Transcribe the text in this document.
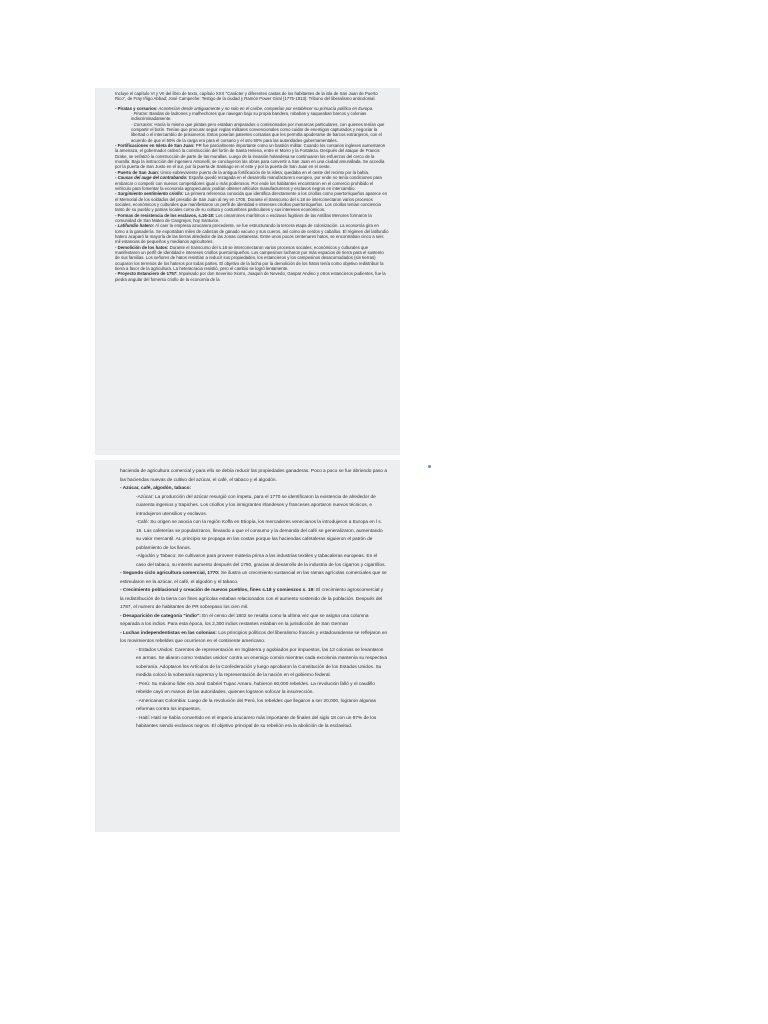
Incluye el capítulo VI y VII del libro de texto, capítulo XXX "Carácter y diferentes castas de los habitantes de la isla de San Juan de Puerto Rico", de Fray Iñigo Abbad; José Campeche: Testigo de la ciudad y Ramón Power Giral (1775-1813): Tribuno del liberalismo anticolonial.

- Piratas y corsarios: Acontecían desde antiguamente y no solo en el caribe, competían por establecer su primacía política en Europa.

- Piratas: Bandas de ladrones y malhechores que navegan bajo su propia bandera, robaban y saqueaban barcos y colonias indiscriminadamente.

- Corsarios: Hacía lo mismo que piratas pero estaban amparados o comisionados por monarcas particulares, con quienes tenían que compartir el botín. Tenían que procurar seguir reglas militares convencionales como cuidar de enemigos capturados y negociar la libertad o el intercambio de prisioneros. Estos poseían patentes corsarias que les permitía apoderarse de barcos extranjeros, con el acuerdo de que el 50% de la carga era para el corsario y el otro 50% para las autoridades gubernamentales.

- Fortificaciones en Isleta de San Juan: PR fue parcialmente importante como un bastión militar. Cuando los corsarios ingleses aumentaron la amenaza, el gobernador ordenó la construcción del fortín de Santa Helena, entre el Morro y la Fortaleza. Después del ataque de Francis Drake, se enfatizó la construcción de parte de las murallas. Luego de la invasión holandesa se continuaron los esfuerzos del cerco de la muralla. Bajo la instrucción del ingeniero Antonelli, se concluyeron las obras para convertir a San Juan en una ciudad amurallada. Se accedía por la puerta de San Justo en el sur, por la puerta de Santiago en el este y por la puerta de San Juan en el oeste.

- Puerto de San Juan: Único sobreviviente puerto de la antigua fortificación de la isleta; quedaba en el oeste del recinto por la bahía.

- Causas del auge del contrabando: España quedó rezagada en el desarrollo manufacturero europeo, por ende no tenía condiciones para embarcar o competir con nuevos competidores igual o más poderosos. Por ende los habitantes encontraron en el comercio prohibido el vehículo para fomentar la economía agropecuaria; podían obtener artículos manufactureros y esclavos negros en intercambio.

- Surgimiento sentimiento criollo: La primera referencia conocida que identifica directamente a los criollos como puertorriqueños aparece en el Memorial de los soldados del presidio de San Juan al rey en 1705. Durante el transcurso del s.18 se interconectaron varios procesos sociales, económicos y culturales que manifestaron un perfil de identidad e intereses criollos puertorriqueños. Los criollos tenían conciencia tanto de su pueblo y patrias locales como de su cultura y costumbres particulares y sus intereses económicos.

- Formas de resistencia de los esclavos, s.16-18: Los cimarrones marítimos o esclavos fugitivos de las Antillas Menores formaron la comunidad de San Mateo de Cangrejos, hoy Santurce.

- Latifundio hatero: Al caer la empresa azucarera precedente, se fue estructurando la tercera etapa de colonización. La economía gira en torno a la ganadería. Se exportaban miles de cabezas de ganado vacuno y sus cueros, así como de cerdos y caballos. El régimen del latifundio hatero acaparó la mayoría de las tierras alrededor de las zonas costaneras. Entre unos pocos centenares hatos, se encontraban cinco a seis mil estancias de pequeños y medianos agricultores.

- Demolición de los hatos: Durante el transcurso del s.18 se interconectaron varios procesos sociales, económicos y culturales que manifestaron un perfil de identidad e intereses criollos puertorriqueños. Los campesinos lucharon por más espacios de tierra para el sustento de sus familias. Los señores de hatos resistían a reducir sus propiedades, los estancieros y los campesinos desacomodados (sin tierras) ocuparon los terrenos de los hateros por todas partes. El objetivo de la lucha por la demolición de los hatos tenía como objetivo redistribuir la tierra a favor de la agricultura. La heteracracia resistió, pero el cambio se logró lentamente.

- Proyecto Estanciero de 1757: Impulsado por don Severino Xiorro, Joaquín de Nevedo, Gaspar Andino y otros estancieros pudientes, fue la piedra angular del fomento criollo de la economía de la

hacienda de agricultura comercial y para ello se debía reducir las propiedades ganaderas. Poco a poco se fue abriendo paso a las haciendas nuevas de cultivo del azúcar, el café, el tabaco y el algodón.

- Azúcar, café, algodón, tabaco:

-Azúcar: La producción del azúcar resurgió con ímpetu, para el 1770 se identificaron la existencia de alrededor de cuarenta ingenios y trapiches. Los criollos y los inmigrantes irlandeses y franceses aportaron nuevos técnicos, e introdujeron utensilios y esclavos.

-Café: Su origen se asocia con la región Koffa en Etiopía, los mercaderes venecianos la introdujeron a Europa en l s. 16. Las cafeterías se popularizaron, llevando a que el consumo y la demanda del café se generalizaron, aumentando su valor mercantil. AL principio se propaga en las costas porque las haciendas cafetaleras siguieron el patrón de poblamiento de los llanos.

-Algodón y Tabaco: Se cultivaron para proveer materia prima a las industrias textiles y tabacaleras europeas. En el caso del tabaco, su interés aumento después del 1750, gracias al desarrollo de la industria de los cigarros y cigarrillos.

- Segundo ciclo agricultura comercial, 1770: Se ilustra un crecimiento sustancial en las ramas agrícolas comerciales que se estimularon en la azúcar, el café, el algodón y el tabaco.

- Crecimiento poblacional y creación de nuevos pueblos, fines s.18 y comienzos s. 19: El crecimiento agroscomercial y la redistribución de la tierra con fines agrícolas estaban relacionados con el aumento sostenido de la población. Después del 1787, el numero de habitantes de PR sobrepaso los cien mil.

- Desaparición de categoría "indio": En el censo del 1802 se resalta como la ultima vez que se asigna una columna separada a los indios. Para esta época, los 2,300 indios restantes estaban en la jurisdicción de San German

- Luchas independentistas en las colonias: Los principios políticos del liberalismo francés y estadounidense se reflejaron en los movimientos rebeldes que ocurrieron en el continente americano.

- Estados Unidos: Carentes de representación en Inglaterra y agobiados por impuestos, las 13 colonias se levantaron en armas. Se aliaron como 'estados unidos' contra un enemigo común mientras cada excolonia mantenía su respectiva soberanía. Adoptaron los Artículos de la Confederación y luego aprobaron la Constitución de los Estados Unidos. Su medida colocó la soberanía suprema y la representación de la nación en el gobierno federal.

- Perú: Su máximo líder era José Gabriel Tupac Amaru, hubieron 60,000 rebeldes. La revolución falló y el caudillo rebelde cayó en manos de las autoridades, quienes lograron sofocar la insurrección.

- Americanas Colombia: Luego de la revolución del Perú, los rebeldes que llegaron a ser 20,000, lograron algunas reformas contra los impuestos.

- Haití: Haití se había convertido en el imperio azucarero más importante de finales del siglo 18 con un 87% de los habitantes siendo esclavos negros. El objetivo principal de su rebelión era la abolición de la esclavitud.
